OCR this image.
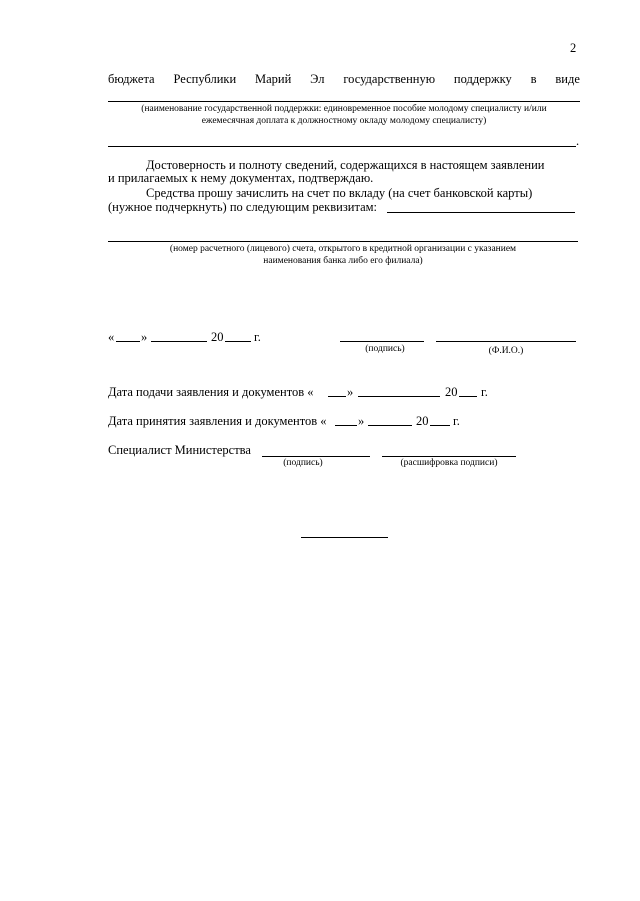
2
бюджета Республики Марий Эл государственную поддержку в виде
(наименование государственной поддержки: единовременное пособие молодому специалисту и/или
ежемесячная доплата к должностному окладу молодому специалисту)
.
Достоверность и полноту сведений, содержащихся в настоящем заявлении
и прилагаемых к нему документах, подтверждаю.
Средства прошу зачислить на счет по вкладу (на счет банковской карты)
(нужное подчеркнуть) по следующим реквизитам:
(номер расчетного (лицевого) счета, открытого в кредитной организации с указанием
наименования банка либо его филиала)
« »	20 г.
(подпись)	(Ф.И.О.)
Дата подачи заявления и документов «	»	20 г.
Дата принятия заявления и документов «	»	20 г.
Специалист Министерства
(подпись)	(расшифровка подписи)
